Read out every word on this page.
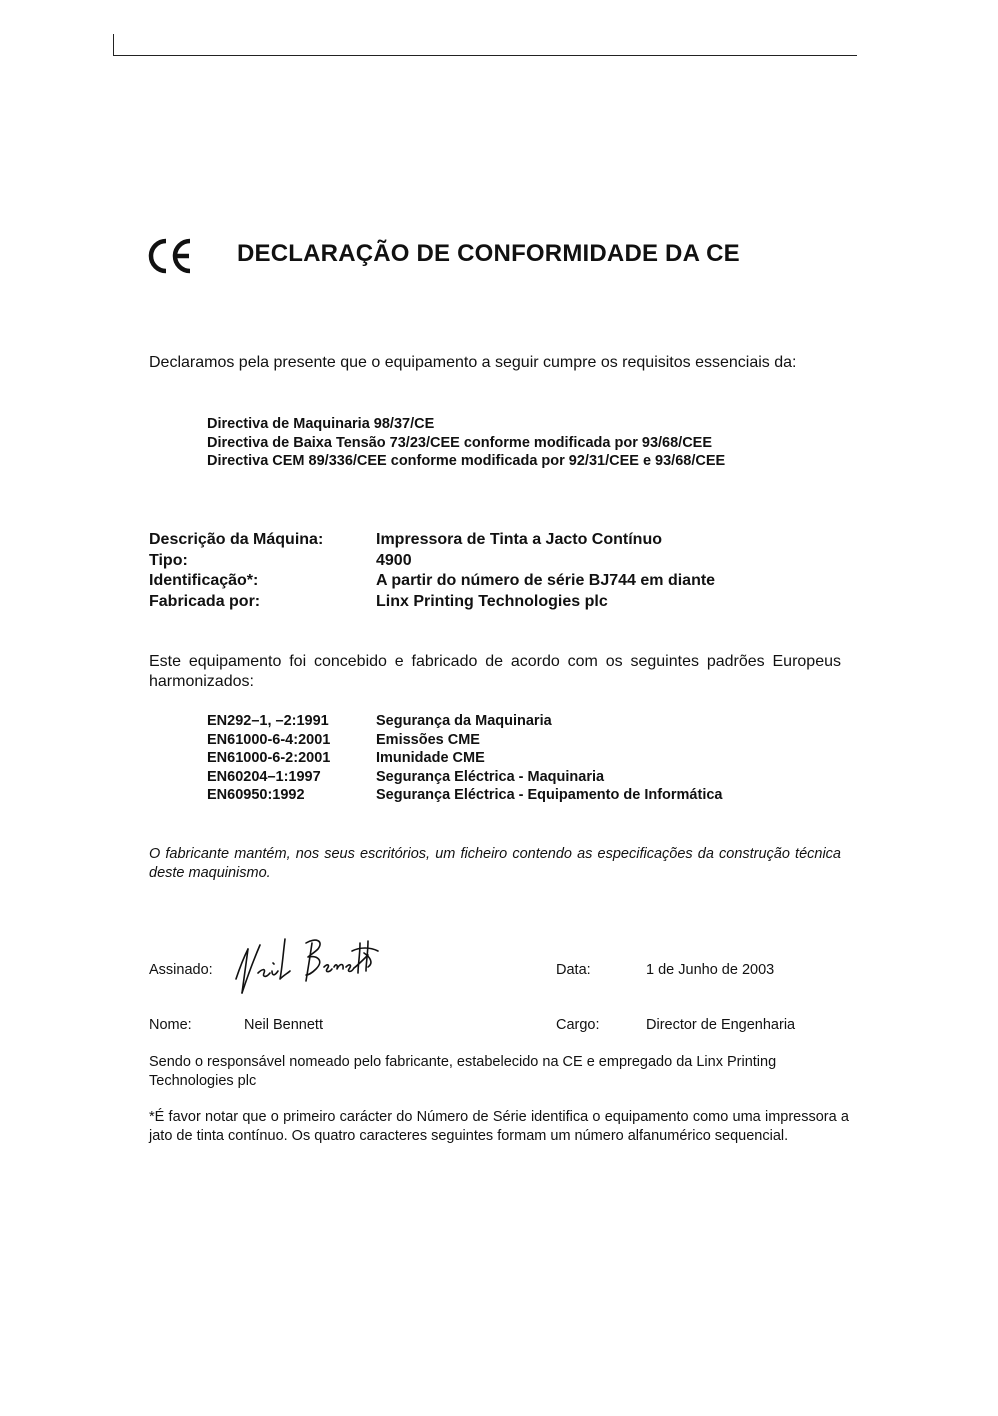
DECLARAÇÃO DE CONFORMIDADE DA CE
Declaramos pela presente que o equipamento a seguir cumpre os requisitos essenciais da:
Directiva de Maquinaria 98/37/CE
Directiva de Baixa Tensão 73/23/CEE conforme modificada por 93/68/CEE
Directiva CEM 89/336/CEE conforme modificada por 92/31/CEE e 93/68/CEE
Descrição da Máquina:	Impressora de Tinta a Jacto Contínuo
Tipo:	4900
Identificação*:	A partir do número de série BJ744 em diante
Fabricada por:	Linx Printing Technologies plc
Este equipamento foi concebido e fabricado de acordo com os seguintes padrões Europeus harmonizados:
EN292–1, –2:1991	Segurança da Maquinaria
EN61000-6-4:2001	Emissões CME
EN61000-6-2:2001	Imunidade CME
EN60204–1:1997	Segurança Eléctrica - Maquinaria
EN60950:1992	Segurança Eléctrica - Equipamento de Informática
O fabricante mantém, nos seus escritórios, um ficheiro contendo as especificações da construção técnica deste maquinismo.
Assinado:	Data:	1 de Junho de 2003
Nome:	Neil Bennett	Cargo:	Director de Engenharia
Sendo o responsável nomeado pelo fabricante, estabelecido na CE e empregado da Linx Printing Technologies plc
*É favor notar que o primeiro carácter do Número de Série identifica o equipamento como uma impressora a jato de tinta contínuo. Os quatro caracteres seguintes formam um número alfanumérico sequencial.
